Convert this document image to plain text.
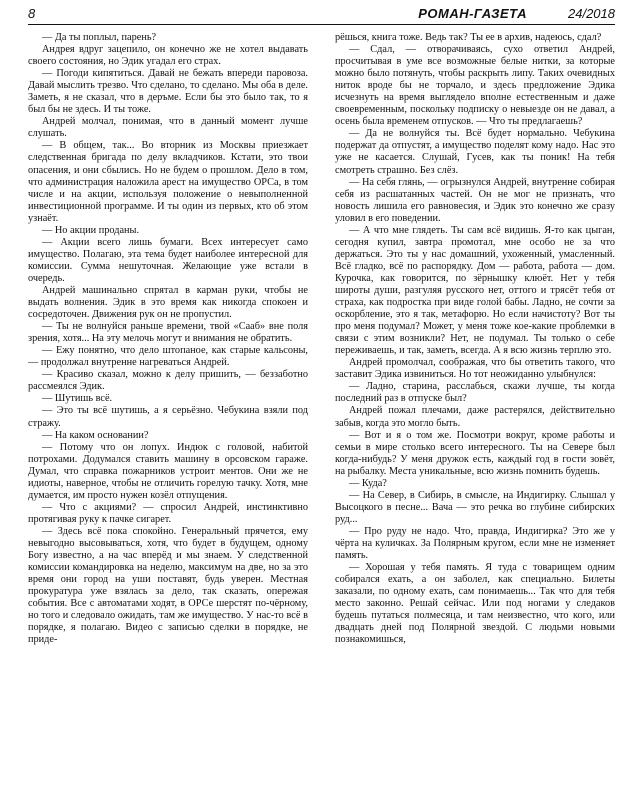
8	РОМАН-ГАЗЕТА	24/2018

— Да ты поплыл, парень?

Андрея вдруг зацепило, он конечно же не хотел выдавать своего состояния, но Эдик угадал его страх.

— Погоди кипятиться. Давай не бежать впереди паровоза. Давай мыслить трезво. Что сделано, то сделано. Мы оба в деле. Заметь, я не сказал, что в деръме. Если бы это было так, то я был бы не здесь. И ты тоже.

Андрей молчал, понимая, что в данный момент лучше слушать.

— В общем, так... Во вторник из Москвы приезжает следственная бригада по делу вкладчиков. Кстати, это твои опасения, и они сбылись. Но не будем о прошлом. Дело в том, что администрация наложила арест на имущество ОРСа, в том числе и на акции, используя положение о невыполненной инвестиционной программе. И ты один из первых, кто об этом узнаёт.

— Но акции проданы.

— Акции всего лишь бумаги. Всех интересует само имущество. Полагаю, эта тема будет наиболее интересной для комиссии. Сумма нешуточная. Желающие уже встали в очередь.

Андрей машинально спрятал в карман руки, чтобы не выдать волнения. Эдик в это время как никогда спокоен и сосредоточен. Движения рук он не пропустил.

— Ты не волнуйся раньше времени, твой «Сааб» вне поля зрения, хотя... На эту мелочь могут и внимания не обратить.

— Ежу понятно, что дело штопаное, как старые кальсоны, — продолжал внутренне нагреваться Андрей.

— Красиво сказал, можно к делу пришить, — беззаботно рассмеялся Эдик.

— Шутишь всё.

— Это ты всё шутишь, а я серьёзно. Чебукина взяли под стражу.

— На каком основании?

— Потому что он лопух. Индюк с головой, набитой потрохами. Додумался ставить машину в орсовском гараже. Думал, что справка пожарников устроит ментов. Они же не идиоты, наверное, чтобы не отличить горелую тачку. Хотя, мне думается, им просто нужен козёл отпущения.

— Что с акциями? — спросил Андрей, инстинктивно протягивая руку к пачке сигарет.

— Здесь всё пока спокойно. Генеральный прячется, ему невыгодно высовываться, хотя, что будет в будущем, одному Богу известно, а на час вперёд и мы знаем. У следственной комиссии командировка на неделю, максимум на две, но за это время они город на уши поставят, будь уверен. Местная прокуратура уже взялась за дело, так сказать, опережая события. Все с автоматами ходят, в ОРСе шерстят по-чёрному, но того и следовало ожидать, там же имущество. У нас-то всё в порядке, я полагаю. Видео с записью сделки в порядке, не приде-

рёшься, книга тоже. Ведь так? Ты ее в архив, надеюсь, сдал?

— Сдал, — отворачиваясь, сухо ответил Андрей, просчитывая в уме все возможные белые нитки, за которые можно было потянуть, чтобы раскрыть липу. Таких очевидных ниток вроде бы не торчало, и здесь предложение Эдика исчезнуть на время выглядело вполне естественным и даже своевременным, поскольку подписку о невыезде он не давал, а осень была временем отпусков. — Что ты предлагаешь?

— Да не волнуйся ты. Всё будет нормально. Чебукина подержат да отпустят, а имущество поделят кому надо. Нас это уже не касается. Слушай, Гусев, как ты поник! На тебя смотреть страшно. Без слёз.

— На себя глянь, — огрызнулся Андрей, внутренне собирая себя из расшатанных частей. Он не мог не признать, что новость лишила его равновесия, и Эдик это конечно же сразу уловил в его поведении.

— А что мне глядеть. Ты сам всё видишь. Я-то как цыган, сегодня купил, завтра промотал, мне особо не за что держаться. Это ты у нас домашний, ухоженный, умасленный. Всё гладко, всё по распорядку. Дом — работа, работа — дом. Курочка, как говорится, по зёрнышку клюёт. Нет у тебя широты души, разгуляя русского нет, оттого и трясёт тебя от страха, как подростка при виде голой бабы. Ладно, не сочти за оскорбление, это я так, метафорю. Но если начистоту? Вот ты про меня подумал? Может, у меня тоже кое-какие проблемки в связи с этим возникли? Нет, не подумал. Ты только о себе переживаешь, и так, заметь, всегда. А я всю жизнь терплю это.

Андрей промолчал, соображая, что бы ответить такого, что заставит Эдика извиниться. Но тот неожиданно улыбнулся:

— Ладно, старина, расслабься, скажи лучше, ты когда последний раз в отпуске был?

Андрей пожал плечами, даже растерялся, действительно забыв, когда это могло быть.

— Вот и я о том же. Посмотри вокруг, кроме работы и семьи в мире столько всего интересного. Ты на Севере был когда-нибудь? У меня дружок есть, каждый год в гости зовёт, на рыбалку. Места уникальные, всю жизнь помнить будешь.

— Куда?

— На Север, в Сибирь, в смысле, на Индигирку. Слышал у Высоцкого в песне... Вача — это речка во глубине сибирских руд...

— Про руду не надо. Что, правда, Индигирка? Это же у чёрта на куличках. За Полярным кругом, если мне не изменяет память.

— Хорошая у тебя память. Я туда с товарищем одним собирался ехать, а он заболел, как специально. Билеты заказали, по одному ехать, сам понимаешь... Так что для тебя место законно. Решай сейчас. Или под ногами у следаков будешь путаться полмесяца, и там неизвестно, что кого, или двадцать дней под Полярной звездой. С людьми новыми познакомишься,
